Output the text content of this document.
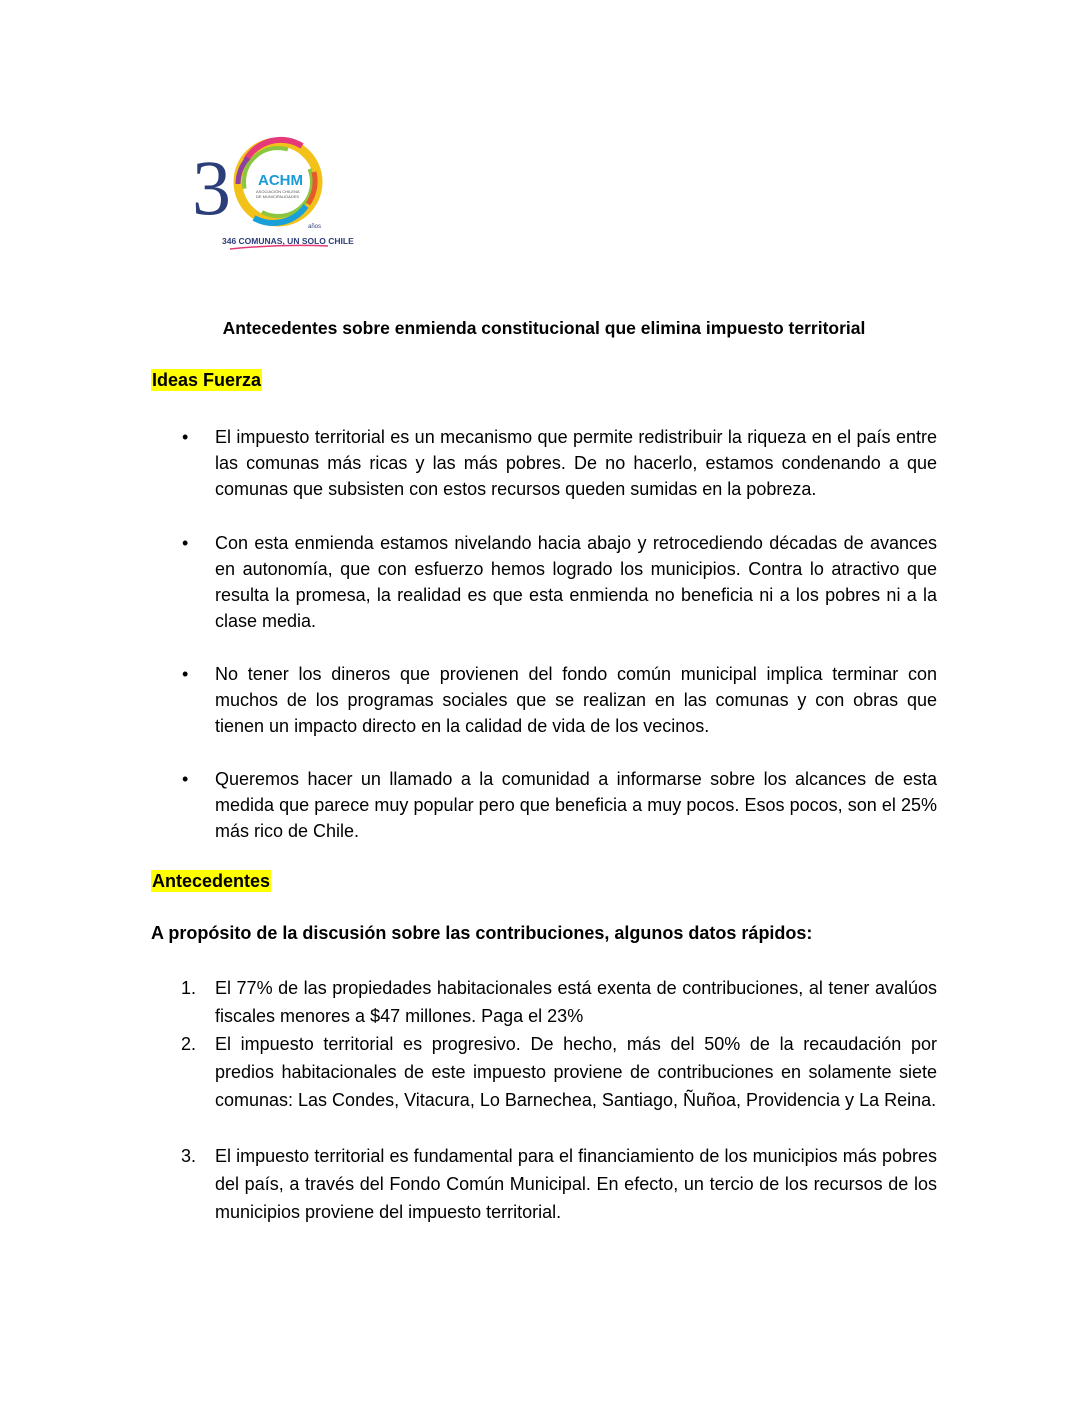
3 ACHM
ASOCIACIÓN CHILENA
DE MUNICIPALIDADES
años
346 COMUNAS, UN SOLO CHILE
Antecedentes sobre enmienda constitucional que elimina impuesto territorial
Ideas Fuerza
• El impuesto territorial es un mecanismo que permite redistribuir la riqueza en el país entre las comunas más ricas y las más pobres. De no hacerlo, estamos condenando a que comunas que subsisten con estos recursos queden sumidas en la pobreza.
• Con esta enmienda estamos nivelando hacia abajo y retrocediendo décadas de avances en autonomía, que con esfuerzo hemos logrado los municipios. Contra lo atractivo que resulta la promesa, la realidad es que esta enmienda no beneficia ni a los pobres ni a la clase media.
• No tener los dineros que provienen del fondo común municipal implica terminar con muchos de los programas sociales que se realizan en las comunas y con obras que tienen un impacto directo en la calidad de vida de los vecinos.
• Queremos hacer un llamado a la comunidad a informarse sobre los alcances de esta medida que parece muy popular pero que beneficia a muy pocos. Esos pocos, son el 25% más rico de Chile.
Antecedentes
A propósito de la discusión sobre las contribuciones, algunos datos rápidos:
1. El 77% de las propiedades habitacionales está exenta de contribuciones, al tener avalúos fiscales menores a $47 millones. Paga el 23%
2. El impuesto territorial es progresivo. De hecho, más del 50% de la recaudación por predios habitacionales de este impuesto proviene de contribuciones en solamente siete comunas: Las Condes, Vitacura, Lo Barnechea, Santiago, Ñuñoa, Providencia y La Reina.
3. El impuesto territorial es fundamental para el financiamiento de los municipios más pobres del país, a través del Fondo Común Municipal. En efecto, un tercio de los recursos de los municipios proviene del impuesto territorial.
